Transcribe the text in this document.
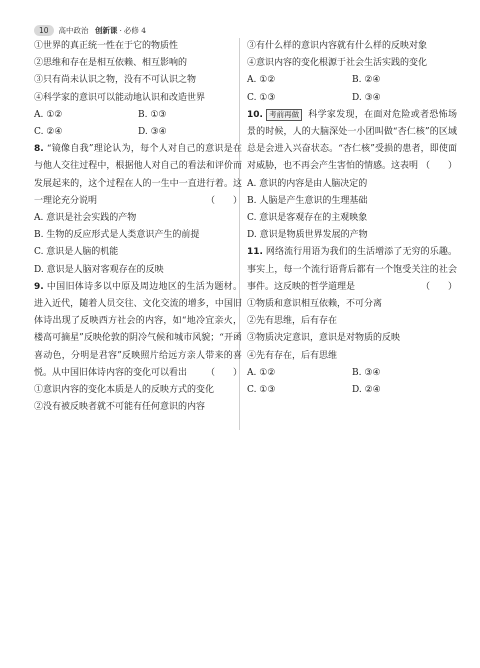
10	高中政治
创新课 · 必修 4
①世界的真正统一性在于它的物质性
②思维和存在是相互依赖、相互影响的
③只有尚未认识之物，没有不可认识之物
④科学家的意识可以能动地认识和改造世界
A. ①②	B. ①③
C. ②④	D. ③④
8. “镜像自我”理论认为，每个人对自己的意识是在与他人交往过程中，根据他人对自己的看法和评价而发展起来的，这个过程在人的一生中一直进行着。这一理论充分说明	（　　）
A. 意识是社会实践的产物
B. 生物的反应形式是人类意识产生的前提
C. 意识是人脑的机能
D. 意识是人脑对客观存在的反映
9. 中国旧体诗多以中原及周边地区的生活为题材。进入近代，随着人员交往、文化交流的增多，中国旧体诗出现了反映西方社会的内容，如“地冷宜亲火，楼高可摘星”反映伦敦的阴冷气候和城市风貌；“开函喜动色，分明是君容”反映照片给远方亲人带来的喜悦。从中国旧体诗内容的变化可以看出 （　　）
①意识内容的变化本质是人的反映方式的变化
②没有被反映者就不可能有任何意识的内容
③有什么样的意识内容就有什么样的反映对象
④意识内容的变化根源于社会生活实践的变化
A. ①②	B. ②④
C. ①③	D. ③④
10. 考前再做 科学家发现，在面对危险或者恐怖场景的时候，人的大脑深处一小团叫做“杏仁核”的区域总是会进入兴奋状态。“杏仁核”受损的患者，即使面对威胁，也不再会产生害怕的情感。这表明 （　　）
A. 意识的内容是由人脑决定的
B. 人脑是产生意识的生理基础
C. 意识是客观存在的主观映象
D. 意识是物质世界发展的产物
11. 网络流行用语为我们的生活增添了无穷的乐趣。事实上，每一个流行语背后都有一个饱受关注的社会事件。这反映的哲学道理是	（　　）
①物质和意识相互依赖，不可分离
②先有思维，后有存在
③物质决定意识，意识是对物质的反映
④先有存在，后有思维
A. ①②	B. ③④
C. ①③	D. ②④
